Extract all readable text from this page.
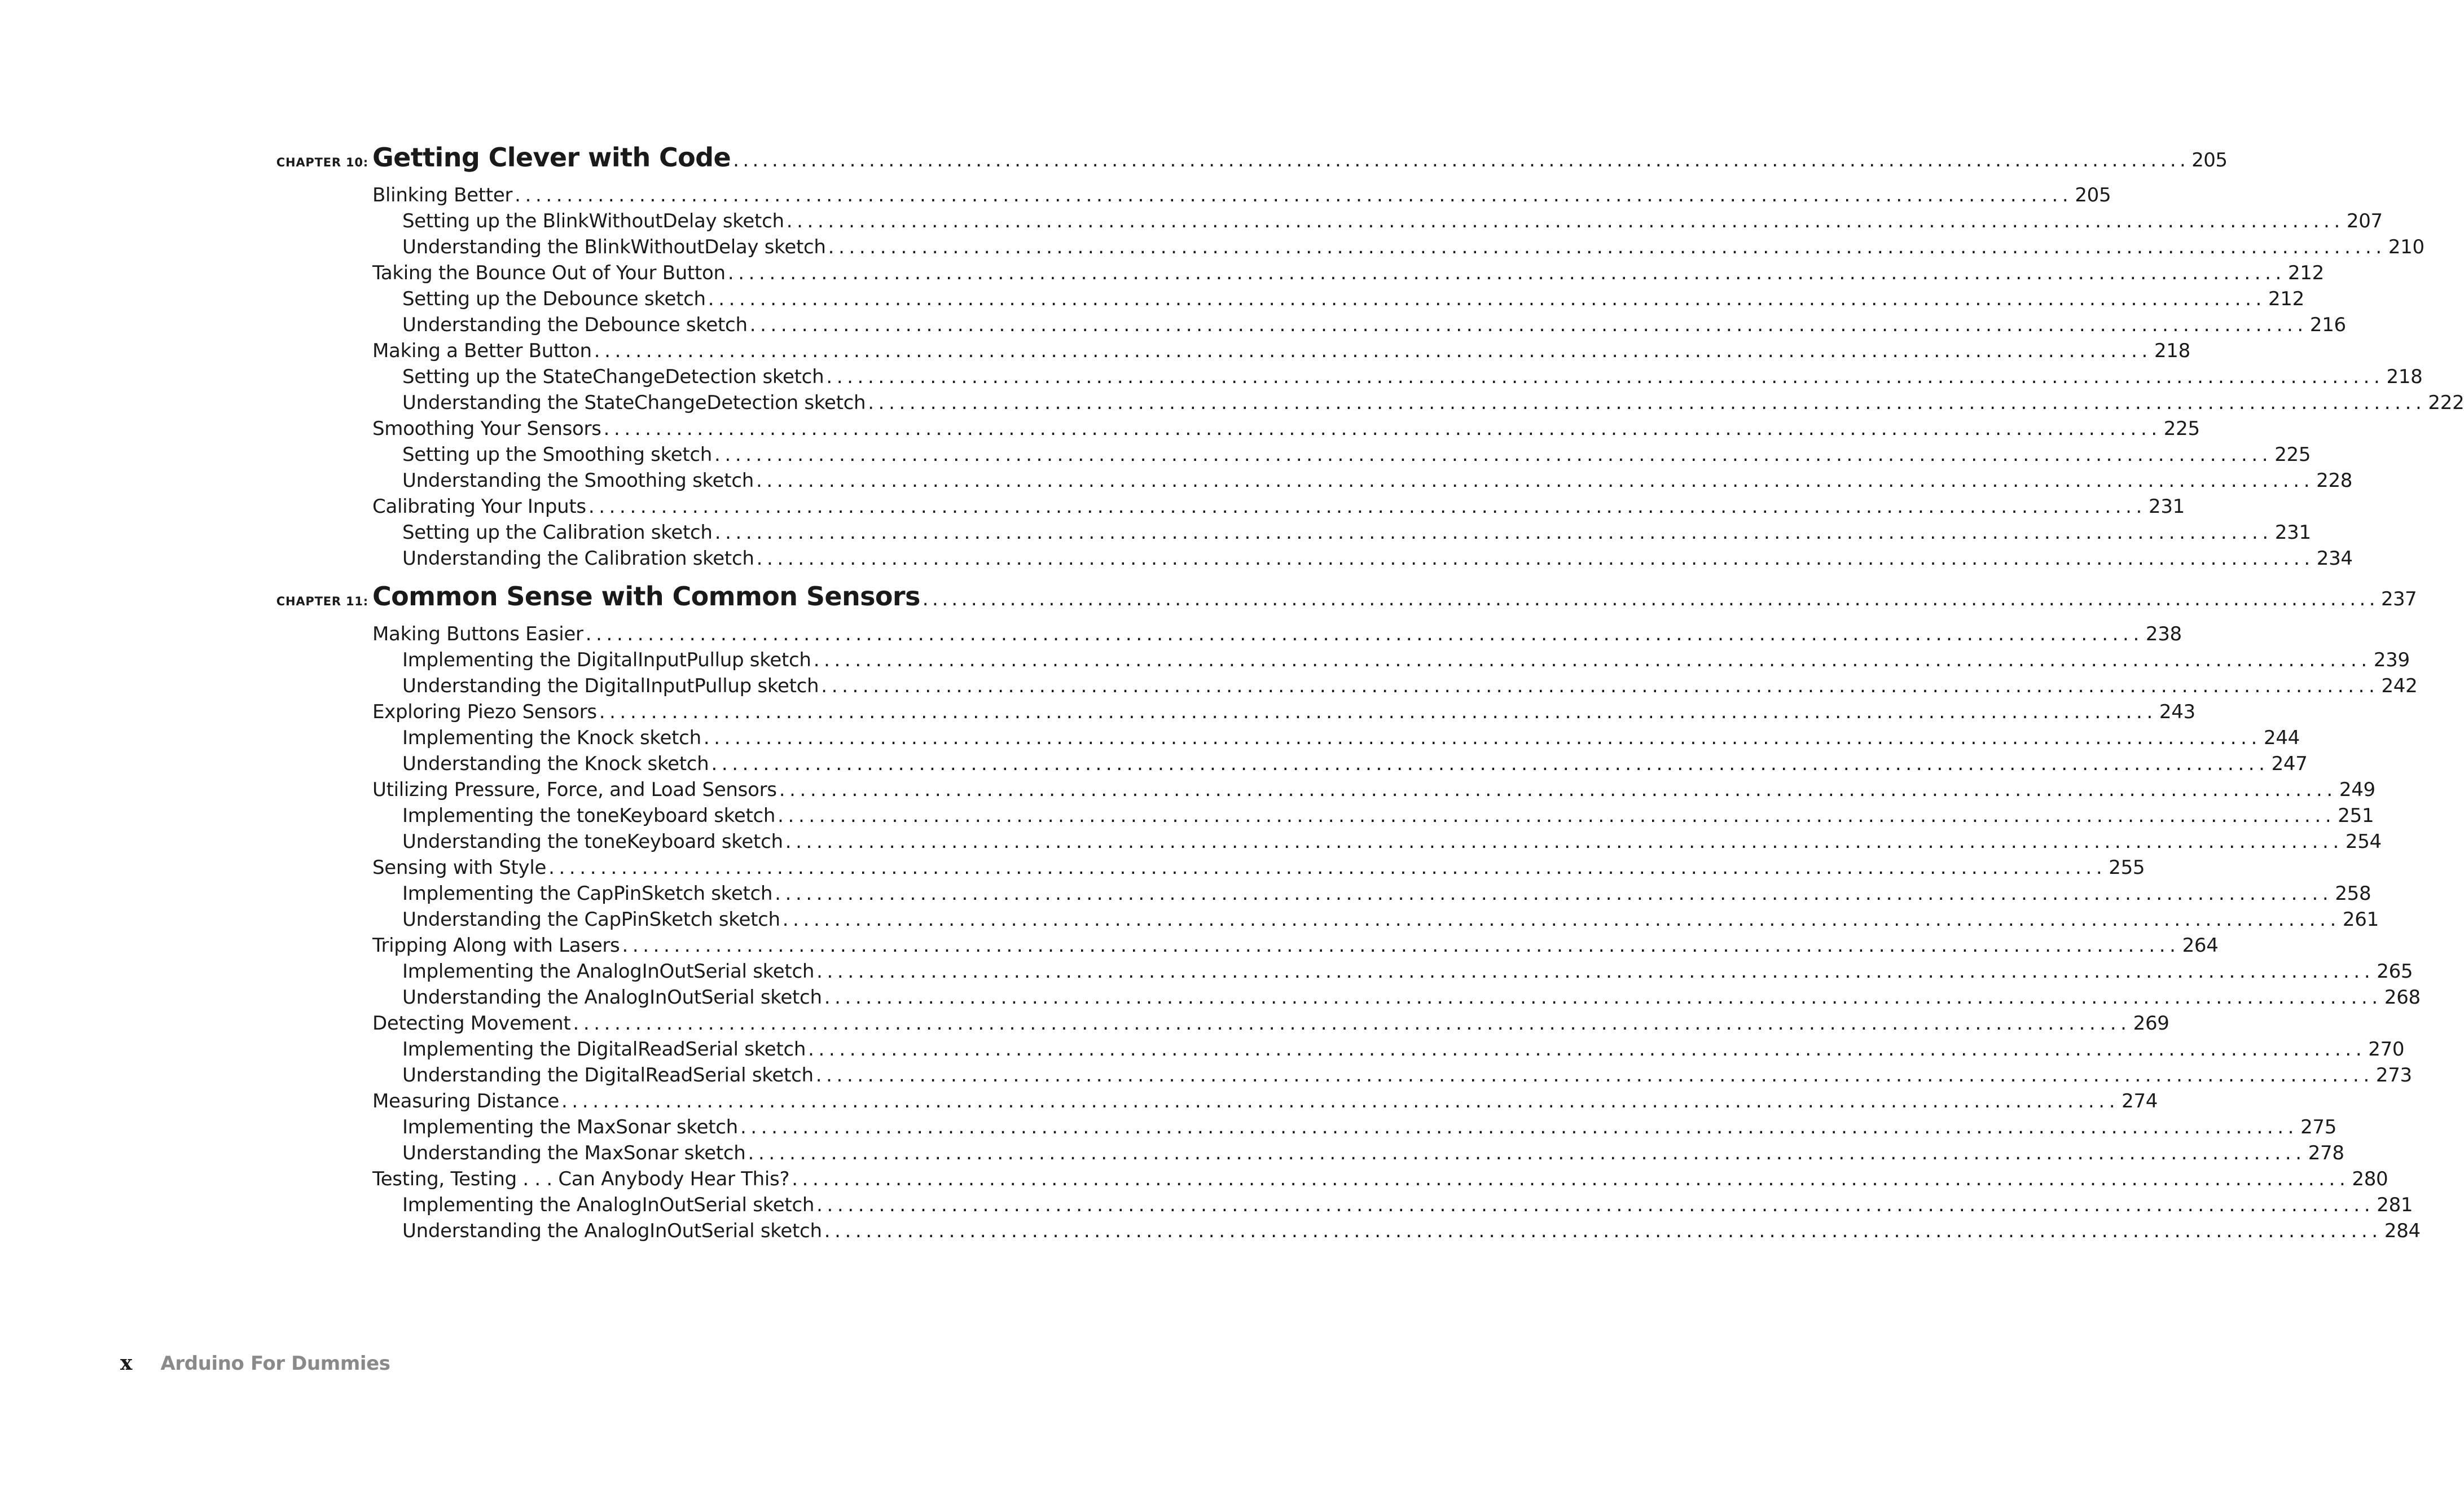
CHAPTER 10: Getting Clever with Code ...................................................................................................................................................... 205
Blinking Better ...................................................................................................................................................... 205
Setting up the BlinkWithoutDelay sketch ...................................................................................................................................................... 207
Understanding the BlinkWithoutDelay sketch ...................................................................................................................................................... 210
Taking the Bounce Out of Your Button ...................................................................................................................................................... 212
Setting up the Debounce sketch ...................................................................................................................................................... 212
Understanding the Debounce sketch ...................................................................................................................................................... 216
Making a Better Button ...................................................................................................................................................... 218
Setting up the StateChangeDetection sketch ...................................................................................................................................................... 218
Understanding the StateChangeDetection sketch ...................................................................................................................................................... 222
Smoothing Your Sensors ...................................................................................................................................................... 225
Setting up the Smoothing sketch ...................................................................................................................................................... 225
Understanding the Smoothing sketch ...................................................................................................................................................... 228
Calibrating Your Inputs ...................................................................................................................................................... 231
Setting up the Calibration sketch ...................................................................................................................................................... 231
Understanding the Calibration sketch ...................................................................................................................................................... 234
CHAPTER 11: Common Sense with Common Sensors ...................................................................................................................................................... 237
Making Buttons Easier ...................................................................................................................................................... 238
Implementing the DigitalInputPullup sketch ...................................................................................................................................................... 239
Understanding the DigitalInputPullup sketch ...................................................................................................................................................... 242
Exploring Piezo Sensors ...................................................................................................................................................... 243
Implementing the Knock sketch ...................................................................................................................................................... 244
Understanding the Knock sketch ...................................................................................................................................................... 247
Utilizing Pressure, Force, and Load Sensors ...................................................................................................................................................... 249
Implementing the toneKeyboard sketch ...................................................................................................................................................... 251
Understanding the toneKeyboard sketch ...................................................................................................................................................... 254
Sensing with Style ...................................................................................................................................................... 255
Implementing the CapPinSketch sketch ...................................................................................................................................................... 258
Understanding the CapPinSketch sketch ...................................................................................................................................................... 261
Tripping Along with Lasers ...................................................................................................................................................... 264
Implementing the AnalogInOutSerial sketch ...................................................................................................................................................... 265
Understanding the AnalogInOutSerial sketch ...................................................................................................................................................... 268
Detecting Movement ...................................................................................................................................................... 269
Implementing the DigitalReadSerial sketch ...................................................................................................................................................... 270
Understanding the DigitalReadSerial sketch ...................................................................................................................................................... 273
Measuring Distance ...................................................................................................................................................... 274
Implementing the MaxSonar sketch ...................................................................................................................................................... 275
Understanding the MaxSonar sketch ...................................................................................................................................................... 278
Testing, Testing . . . Can Anybody Hear This? ...................................................................................................................................................... 280
Implementing the AnalogInOutSerial sketch ...................................................................................................................................................... 281
Understanding the AnalogInOutSerial sketch ...................................................................................................................................................... 284
x Arduino For Dummies
